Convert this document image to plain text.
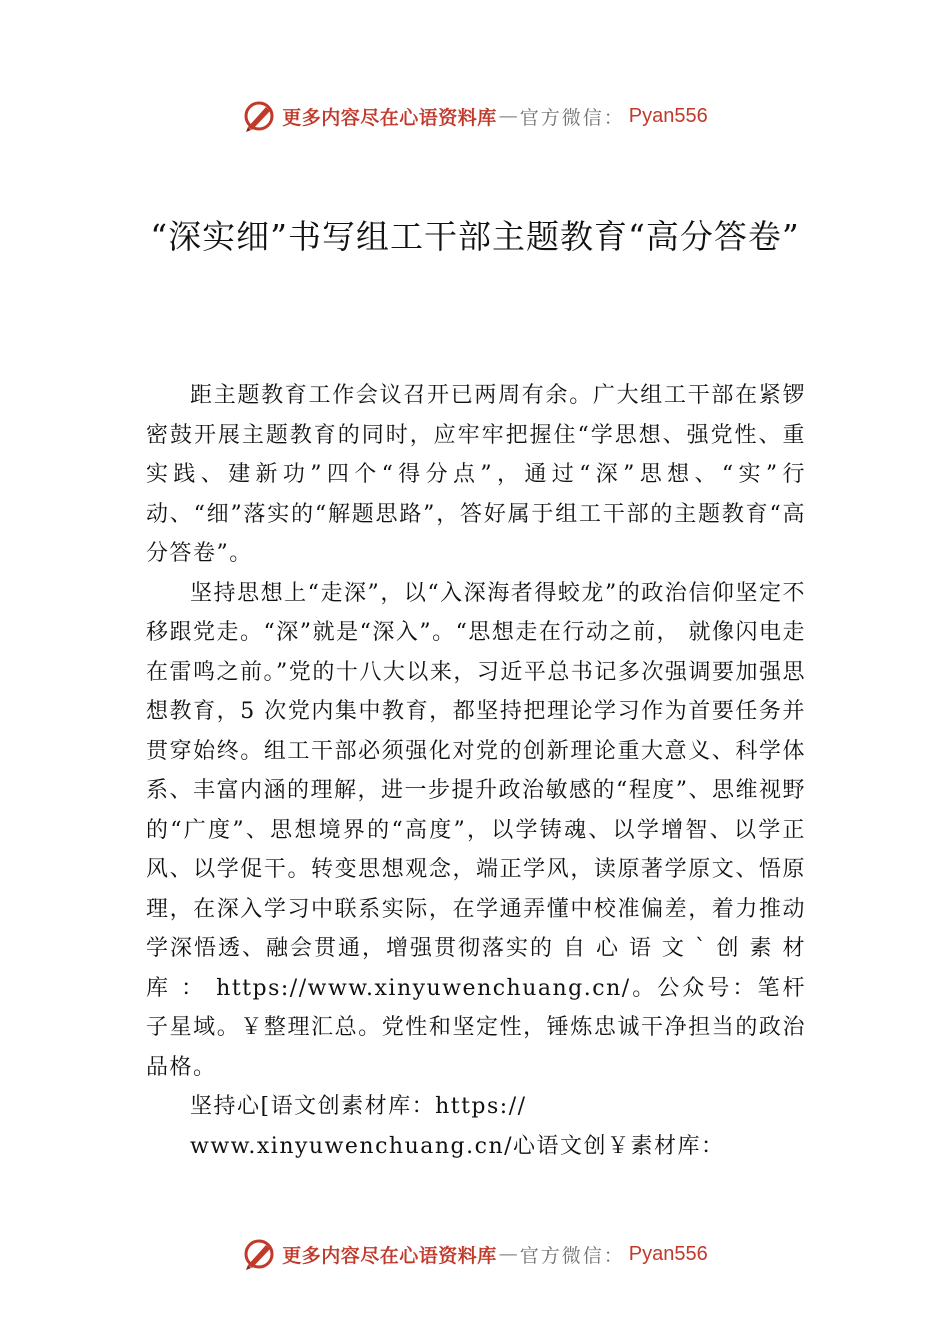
更多内容尽在心语资料库 — 官方微信： Pyan556
“深实细”书写组工干部主题教育“高分答卷”

距主题教育工作会议召开已两周有余。广大组工干部在紧锣密鼓开展主题教育的同时，应牢牢把握住“学思想、强党性、重实践、建新功”四个“得分点”，通过“深”思想、“实”行动、“细”落实的“解题思路”，答好属于组工干部的主题教育“高分答卷”。

坚持思想上“走深”，以“入深海者得蛟龙”的政治信仰坚定不移跟党走。“深”就是“深入”。“思想走在行动之前， 就像闪电走在雷鸣之前。”党的十八大以来，习近平总书记多次强调要加强思想教育，5 次党内集中教育，都坚持把理论学习作为首要任务并贯穿始终。组工干部必须强化对党的创新理论重大意义、科学体系、丰富内涵的理解，进一步提升政治敏感的“程度”、思维视野的“广度”、思想境界的“高度”，以学铸魂、以学增智、以学正风、以学促干。转变思想观念，端正学风，读原著学原文、悟原理，在深入学习中联系实际，在学通弄懂中校准偏差，着力推动学深悟透、融会贯通，增强贯彻落实的 自 心 语 文 ` 创 素 材 库 ： https://www.xinyuwenchuang.cn/。公众号：笔杆子星域。￥整理汇总。党性和坚定性，锤炼忠诚干净担当的政治品格。

坚持心[语文创素材库：https://
www.xinyuwenchuang.cn/心语文创￥素材库：
更多内容尽在心语资料库 — 官方微信： Pyan556
